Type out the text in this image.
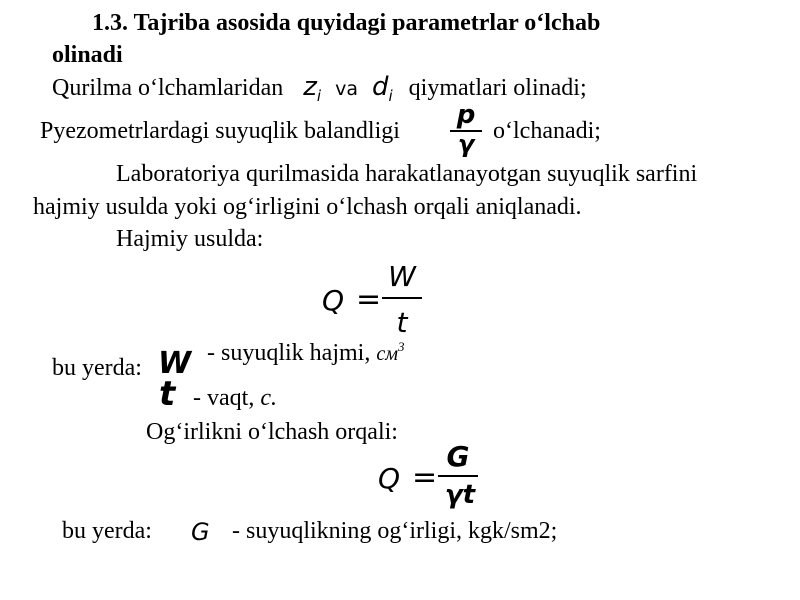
1.3. Tajriba asosida quyidagi parametrlar o‘lchab
olinadi
Qurilma o‘lchamlaridan $z_i$ va $d_i$ qiymatlari olinadi;
Pyezometrlardagi suyuqlik balandligi
p
γ o‘lchanadi;
Laboratoriya qurilmasida harakatlanayotgan suyuqlik sarfini
hajmiy usulda yoki og‘irligini o‘lchash orqali aniqlanadi.
Hajmiy usulda:
Q =
W
t
bu yerda: W - suyuqlik hajmi, $см^3$
t - vaqt, c.
Og‘irlikni o‘lchash orqali:
Q =
G
γt
bu yerda: G - suyuqlikning og‘irligi, kgk/sm2;
